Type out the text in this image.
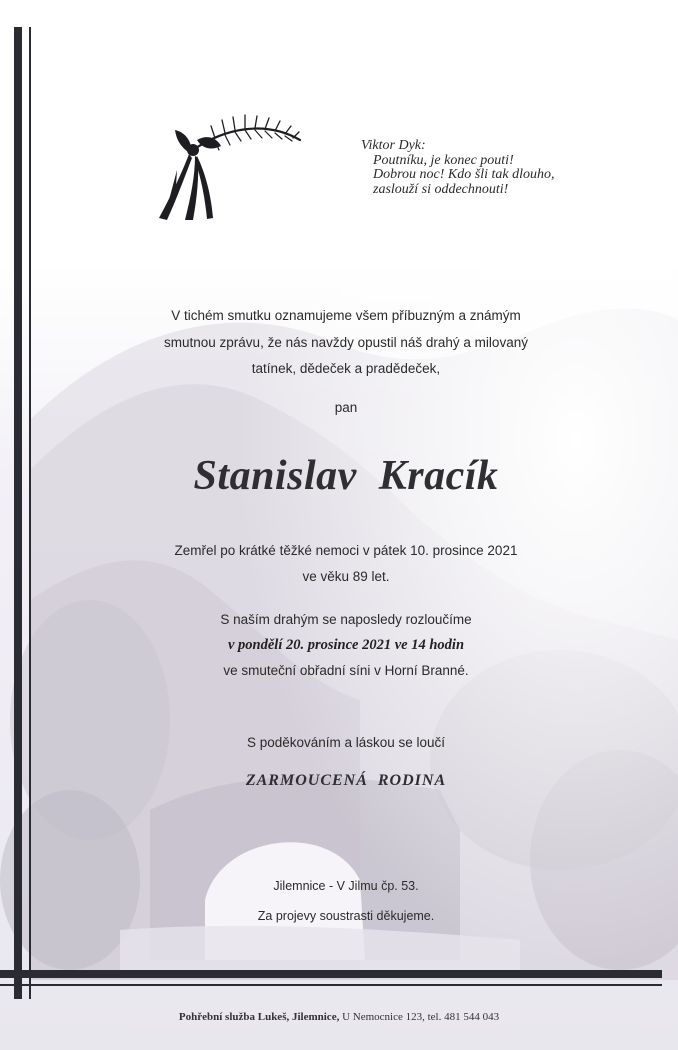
Viktor Dyk:
Poutníku, je konec pouti!
Dobrou noc! Kdo šli tak dlouho,
zaslouží si oddechnouti!
V tichém smutku oznamujeme všem příbuzným a známým
smutnou zprávu, že nás navždy opustil náš drahý a milovaný
tatínek, dědeček a pradědeček,
pan
Stanislav  Kracík
Zemřel po krátké těžké nemoci v pátek 10. prosince 2021
ve věku 89 let.
S naším drahým se naposledy rozloučíme
v pondělí 20. prosince 2021 ve 14 hodin
ve smuteční obřadní síni v Horní Branné.
S poděkováním a láskou se loučí
ZARMOUCENÁ  RODINA
Jilemnice - V Jilmu čp. 53.
Za projevy soustrasti děkujeme.
Pohřební služba Lukeš, Jilemnice, U Nemocnice 123, tel. 481 544 043
